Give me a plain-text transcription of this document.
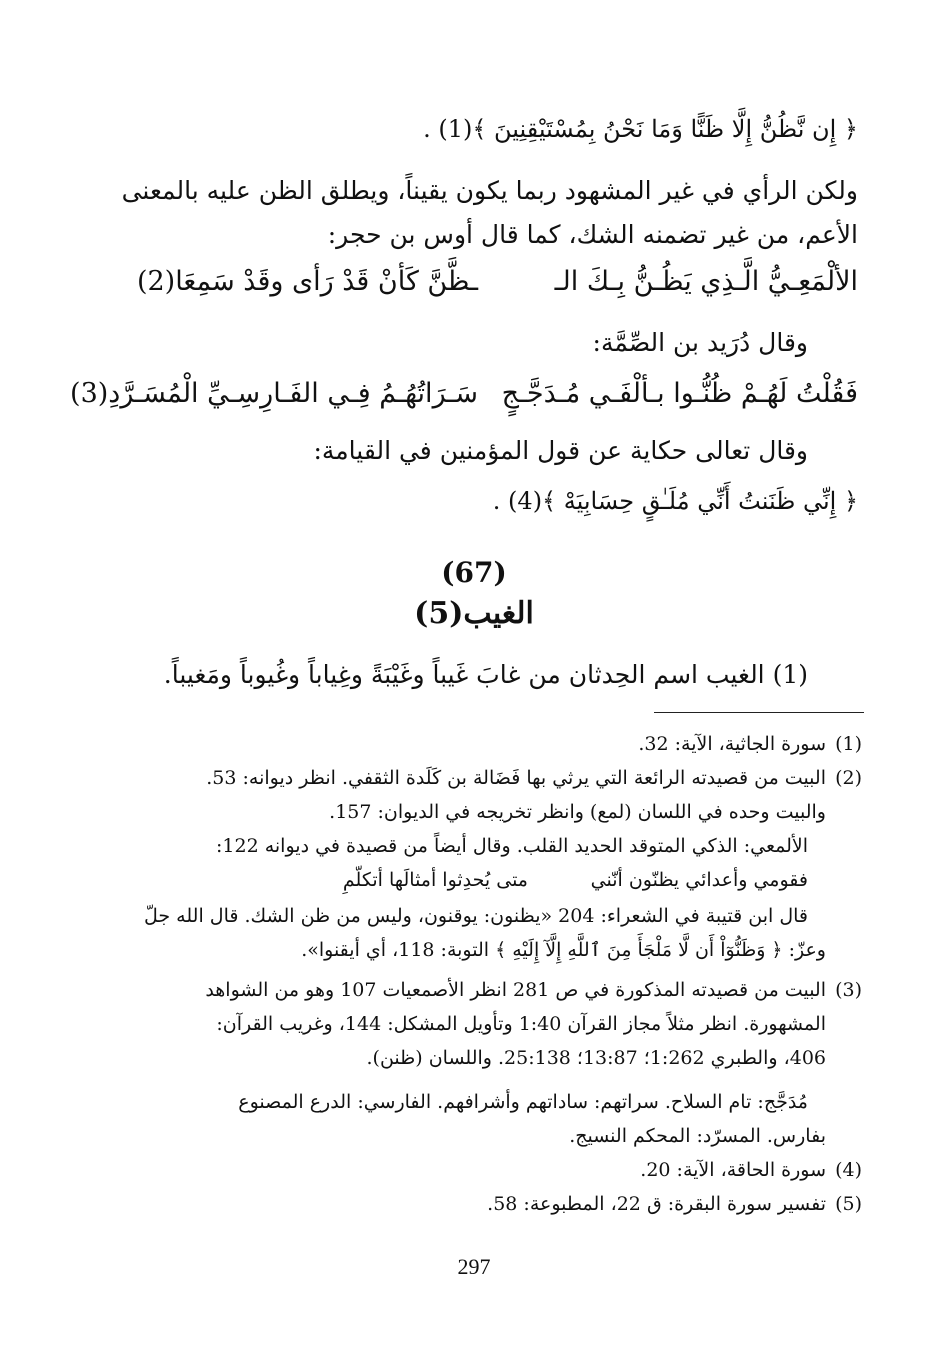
﴿ إِن نَّظُنُّ إِلَّا ظَنًّا وَمَا نَحْنُ بِمُسْتَيْقِنِينَ ﴾(1) .
ولكن الرأي في غير المشهود ربما يكون يقيناً، ويطلق الظن عليه بالمعنى
الأعم، من غير تضمنه الشك، كما قال أوس بن حجر:
الألْمَعِـيُّ الَّـذِي يَظُـنُّ بِـكَ الـ
ـظَّنَّ كَأنْ قَدْ رَأى وقَدْ سَمِعَا(2)
وقال دُرَيد بن الصِّمَّة:
فَقُلْتُ لَهُـمْ ظُنُّـوا بـألْفَـي مُـدَجَّـجٍ
سَـرَاتُهُـمُ فِـي الفَـارِسِـيِّ الْمُسَـرَّدِ(3)
وقال تعالى حكاية عن قول المؤمنين في القيامة:
﴿ إِنِّي ظَنَنتُ أَنِّي مُلَـٰقٍ حِسَابِيَهْ ﴾(4) .
(67)
الغيب(5)
(1) الغيب اسم الحِدثان من غابَ غَيباً وغَيْبَةً وغِياباً وغُيوباً ومَغيباً.
(1)
سورة الجاثية، الآية: 32.
(2)
البيت من قصيدته الرائعة التي يرثي بها فَضَالة بن كَلَدة الثقفي. انظر ديوانه: 53.
والبيت وحده في اللسان (لمع) وانظر تخريجه في الديوان: 157.
الألمعي: الذكي المتوقد الحديد القلب. وقال أيضاً من قصيدة في ديوانه 122:
فقومي وأعدائي يظنّون أنّني
متى يُحدِثوا أمثالَها أتكلّمِ
قال ابن قتيبة في الشعراء: 204 «يظنون: يوقنون، وليس من ظن الشك. قال الله جلّ
وعزّ: ﴿ وَظَنُّوٓاْ أَن لَّا مَلْجَأَ مِنَ ٱللَّهِ إِلَّآ إِلَيْهِ ﴾ التوبة: 118، أي أيقنوا».
(3)
البيت من قصيدته المذكورة في ص 281 انظر الأصمعيات 107 وهو من الشواهد
المشهورة. انظر مثلاً مجاز القرآن 1:40 وتأويل المشكل: 144، وغريب القرآن:
406، والطبري 1:262؛ 13:87؛ 25:138. واللسان (ظنن).
مُدَجَّج: تام السلاح. سراتهم: ساداتهم وأشرافهم. الفارسي: الدرع المصنوع
بفارس. المسرّد: المحكم النسيج.
(4)
سورة الحاقة، الآية: 20.
(5)
تفسير سورة البقرة: ق 22، المطبوعة: 58.
297
